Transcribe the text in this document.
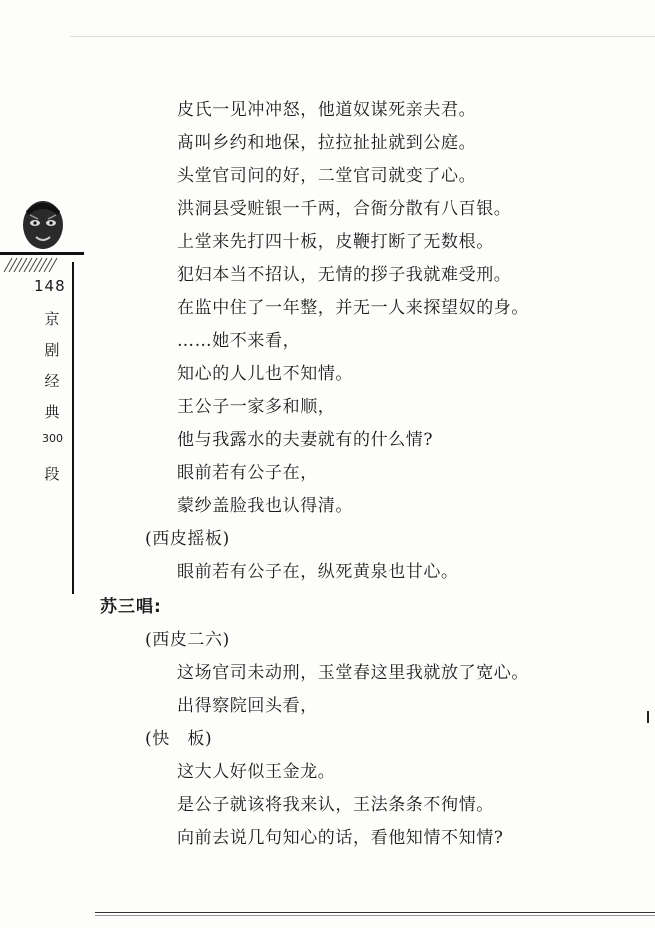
148
京
剧
经
典
300
段
皮氏一见冲冲怒，他道奴谋死亲夫君。
髙叫乡约和地保，拉拉扯扯就到公庭。
头堂官司问的好，二堂官司就变了心。
洪洞县受赃银一千两，合衙分散有八百银。
上堂来先打四十板，皮鞭打断了无数根。
犯妇本当不招认，无情的拶子我就难受刑。
在监中住了一年整，并无一人来探望奴的身。
……她不来看，
知心的人儿也不知情。
王公子一家多和顺，
他与我露水的夫妻就有的什么情?
眼前若有公子在，
蒙纱盖脸我也认得清。
(西皮摇板)
眼前若有公子在，纵死黄泉也甘心。
苏三唱:
(西皮二六)
这场官司未动刑，玉堂春这里我就放了宽心。
出得察院回头看，
(快　板)
这大人好似王金龙。
是公子就该将我来认，王法条条不徇情。
向前去说几句知心的话，看他知情不知情?
